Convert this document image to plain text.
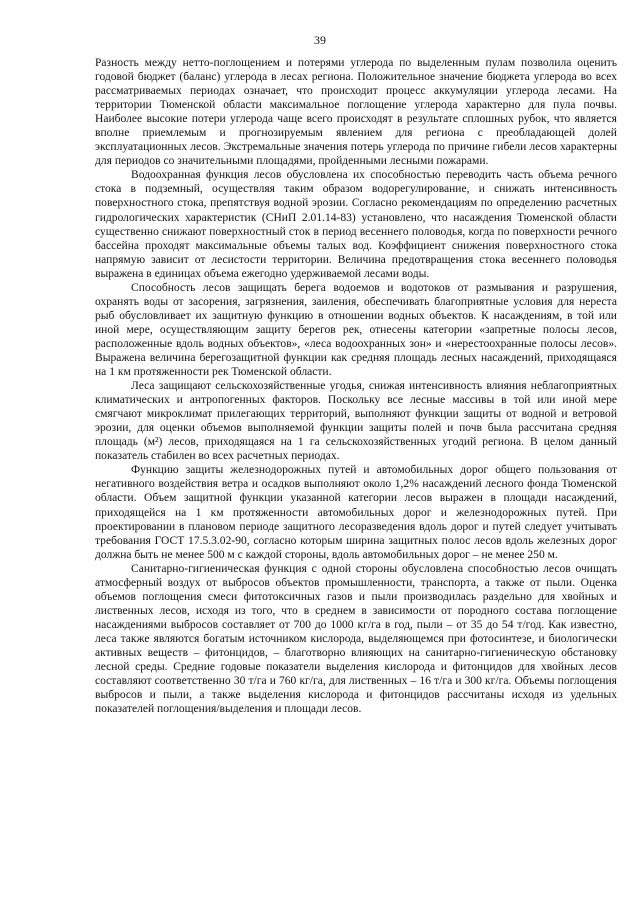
39

Разность между нетто-поглощением и потерями углерода по выделенным пулам позволила оценить годовой бюджет (баланс) углерода в лесах региона. Положительное значение бюджета углерода во всех рассматриваемых периодах означает, что происходит процесс аккумуляции углерода лесами. На территории Тюменской области максимальное поглощение углерода характерно для пула почвы. Наиболее высокие потери углерода чаще всего происходят в результате сплошных рубок, что является вполне приемлемым и прогнозируемым явлением для региона с преобладающей долей эксплуатационных лесов. Экстремальные значения потерь углерода по причине гибели лесов характерны для периодов со значительными площадями, пройденными лесными пожарами.

Водоохранная функция лесов обусловлена их способностью переводить часть объема речного стока в подземный, осуществляя таким образом водорегулирование, и снижать интенсивность поверхностного стока, препятствуя водной эрозии. Согласно рекомендациям по определению расчетных гидрологических характеристик (СНиП 2.01.14-83) установлено, что насаждения Тюменской области существенно снижают поверхностный сток в период весеннего половодья, когда по поверхности речного бассейна проходят максимальные объемы талых вод. Коэффициент снижения поверхностного стока напрямую зависит от лесистости территории. Величина предотвращения стока весеннего половодья выражена в единицах объема ежегодно удерживаемой лесами воды.

Способность лесов защищать берега водоемов и водотоков от размывания и разрушения, охранять воды от засорения, загрязнения, заиления, обеспечивать благоприятные условия для нереста рыб обусловливает их защитную функцию в отношении водных объектов. К насаждениям, в той или иной мере, осуществляющим защиту берегов рек, отнесены категории «запретные полосы лесов, расположенные вдоль водных объектов», «леса водоохранных зон» и «нерестоохранные полосы лесов». Выражена величина берегозащитной функции как средняя площадь лесных насаждений, приходящаяся на 1 км протяженности рек Тюменской области.

Леса защищают сельскохозяйственные угодья, снижая интенсивность влияния неблагоприятных климатических и антропогенных факторов. Поскольку все лесные массивы в той или иной мере смягчают микроклимат прилегающих территорий, выполняют функции защиты от водной и ветровой эрозии, для оценки объемов выполняемой функции защиты полей и почв была рассчитана средняя площадь (м²) лесов, приходящаяся на 1 га сельскохозяйственных угодий региона. В целом данный показатель стабилен во всех расчетных периодах.

Функцию защиты железнодорожных путей и автомобильных дорог общего пользования от негативного воздействия ветра и осадков выполняют около 1,2% насаждений лесного фонда Тюменской области. Объем защитной функции указанной категории лесов выражен в площади насаждений, приходящейся на 1 км протяженности автомобильных дорог и железнодорожных путей. При проектировании в плановом периоде защитного лесоразведения вдоль дорог и путей следует учитывать требования ГОСТ 17.5.3.02-90, согласно которым ширина защитных полос лесов вдоль железных дорог должна быть не менее 500 м с каждой стороны, вдоль автомобильных дорог – не менее 250 м.

Санитарно-гигиеническая функция с одной стороны обусловлена способностью лесов очищать атмосферный воздух от выбросов объектов промышленности, транспорта, а также от пыли. Оценка объемов поглощения смеси фитотоксичных газов и пыли производилась раздельно для хвойных и лиственных лесов, исходя из того, что в среднем в зависимости от породного состава поглощение насаждениями выбросов составляет от 700 до 1000 кг/га в год, пыли – от 35 до 54 т/год. Как известно, леса также являются богатым источником кислорода, выделяющемся при фотосинтезе, и биологически активных веществ – фитонцидов, – благотворно влияющих на санитарно-гигиеническую обстановку лесной среды. Средние годовые показатели выделения кислорода и фитонцидов для хвойных лесов составляют соответственно 30 т/га и 760 кг/га, для лиственных – 16 т/га и 300 кг/га. Объемы поглощения выбросов и пыли, а также выделения кислорода и фитонцидов рассчитаны исходя из удельных показателей поглощения/выделения и площади лесов.
